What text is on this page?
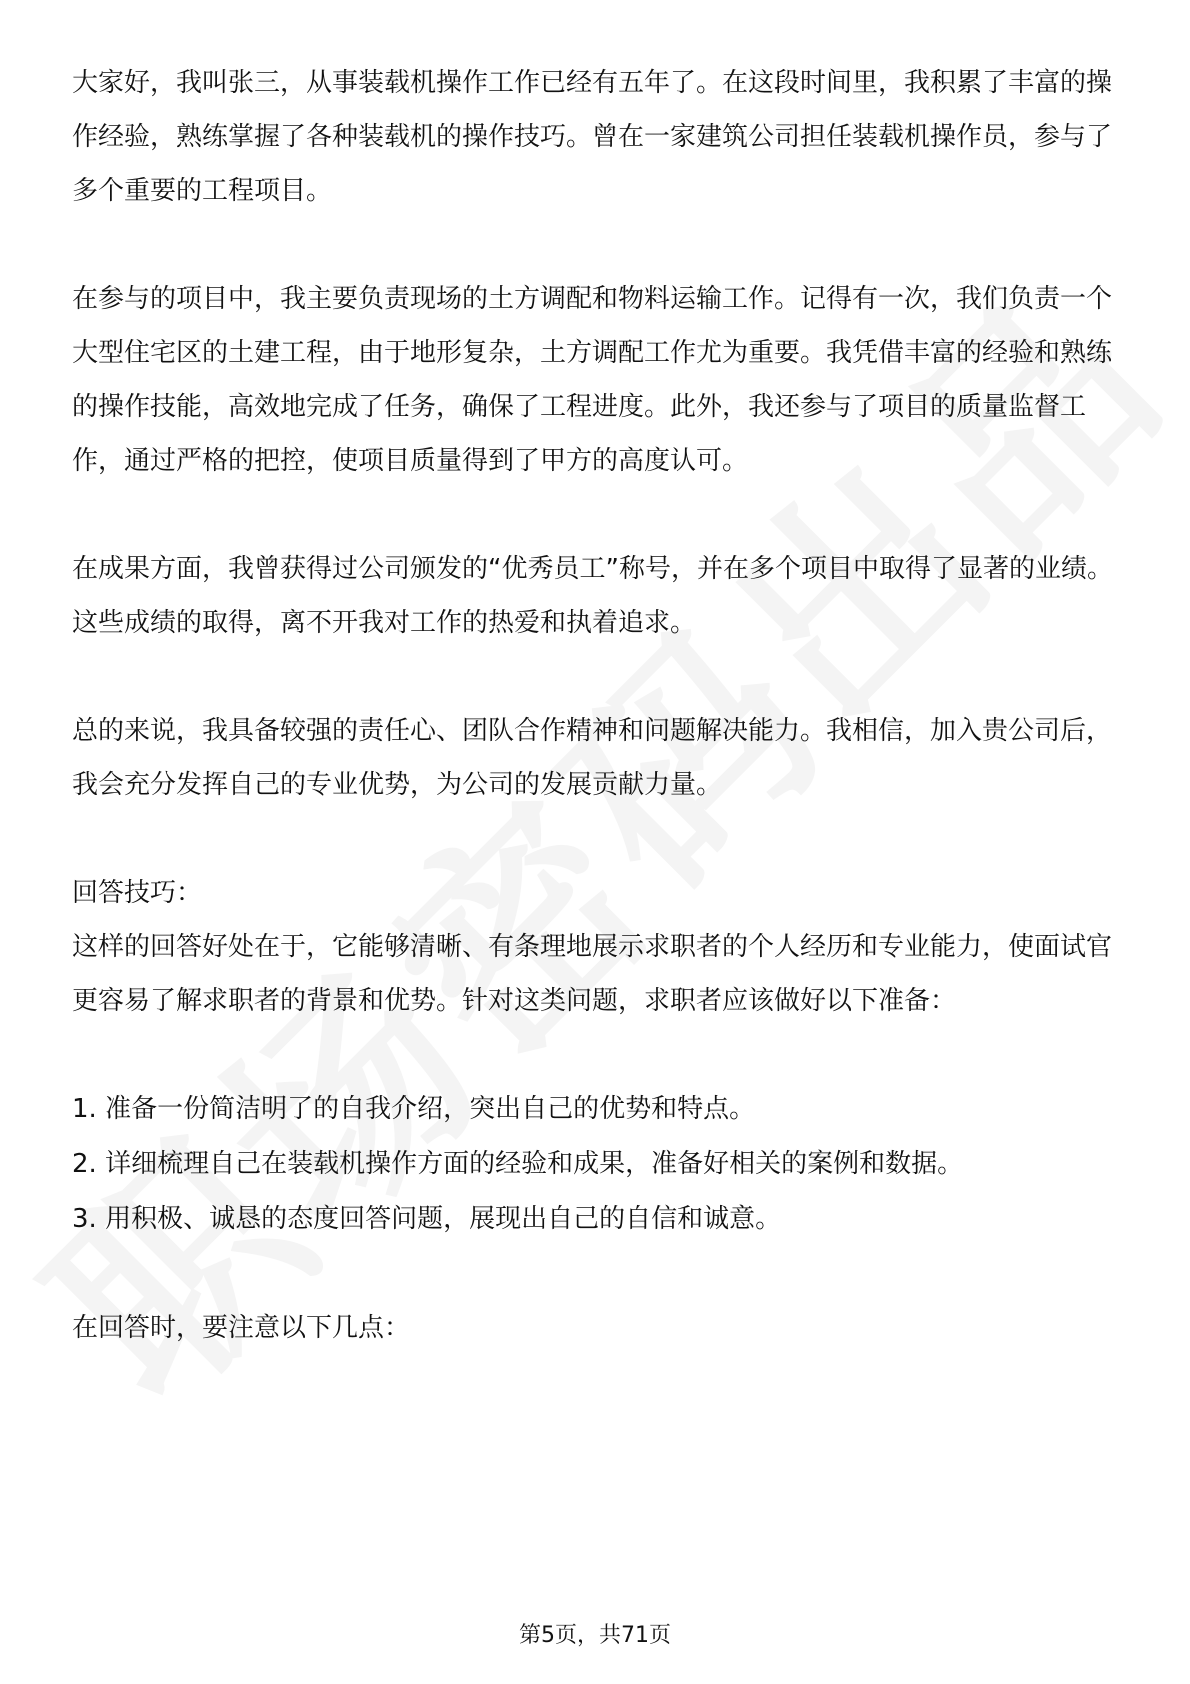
大家好，我叫张三，从事装载机操作工作已经有五年了。在这段时间里，我积累了丰富的操作经验，熟练掌握了各种装载机的操作技巧。曾在一家建筑公司担任装载机操作员，参与了多个重要的工程项目。

在参与的项目中，我主要负责现场的土方调配和物料运输工作。记得有一次，我们负责一个大型住宅区的土建工程，由于地形复杂，土方调配工作尤为重要。我凭借丰富的经验和熟练的操作技能，高效地完成了任务，确保了工程进度。此外，我还参与了项目的质量监督工作，通过严格的把控，使项目质量得到了甲方的高度认可。

在成果方面，我曾获得过公司颁发的“优秀员工”称号，并在多个项目中取得了显著的业绩。这些成绩的取得，离不开我对工作的热爱和执着追求。

总的来说，我具备较强的责任心、团队合作精神和问题解决能力。我相信，加入贵公司后，我会充分发挥自己的专业优势，为公司的发展贡献力量。

回答技巧：

这样的回答好处在于，它能够清晰、有条理地展示求职者的个人经历和专业能力，使面试官更容易了解求职者的背景和优势。针对这类问题，求职者应该做好以下准备：

1. 准备一份简洁明了的自我介绍，突出自己的优势和特点。

2. 详细梳理自己在装载机操作方面的经验和成果，准备好相关的案例和数据。

3. 用积极、诚恳的态度回答问题，展现出自己的自信和诚意。

在回答时，要注意以下几点：

第5页，共71页
